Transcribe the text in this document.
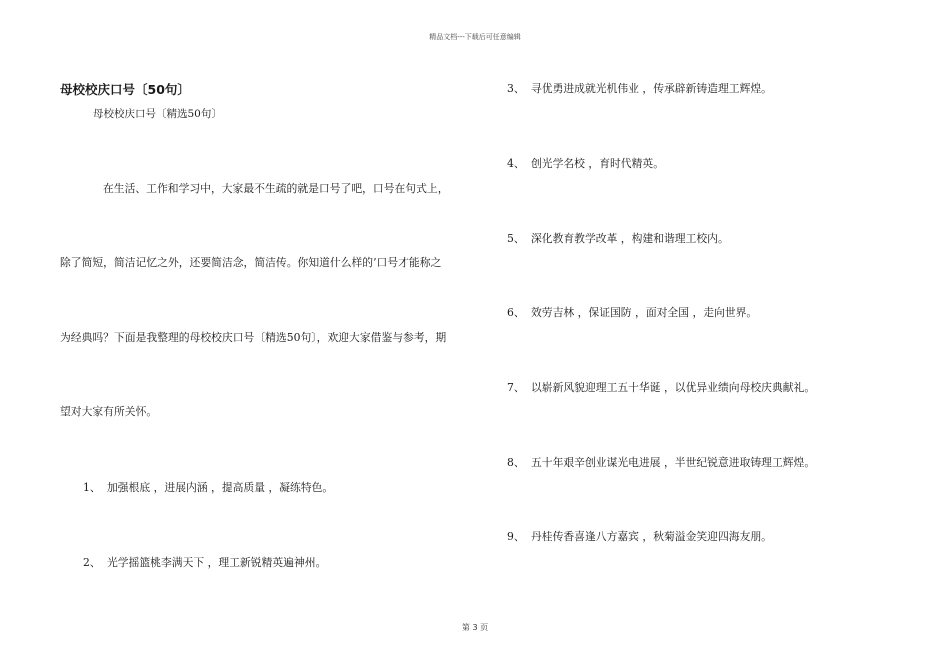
精品文档---下载后可任意编辑
母校校庆口号〔50句〕
母校校庆口号〔精选50句〕
在生活、工作和学习中，大家最不生疏的就是口号了吧，口号在句式上，
除了简短，简洁记忆之外，还要简洁念，简洁传。你知道什么样的’口号才能称之
为经典吗？下面是我整理的母校校庆口号〔精选50句〕，欢迎大家借鉴与参考，期
望对大家有所关怀。
1、 加强根底 ，进展内涵 ，提高质量 ，凝练特色。
2、 光学摇篮桃李满天下 ，理工新锐精英遍神州。
3、 寻优勇进成就光机伟业 ，传承辟新铸造理工辉煌。
4、 创光学名校 ，育时代精英。
5、 深化教育教学改革 ，构建和谐理工校内。
6、 效劳吉林 ，保证国防 ，面对全国 ，走向世界。
7、 以崭新风貌迎理工五十华诞 ，以优异业绩向母校庆典献礼。
8、 五十年艰辛创业谋光电进展 ，半世纪锐意进取铸理工辉煌。
9、 丹桂传香喜逢八方嘉宾 ，秋菊溢金笑迎四海友朋。
第 3 页
